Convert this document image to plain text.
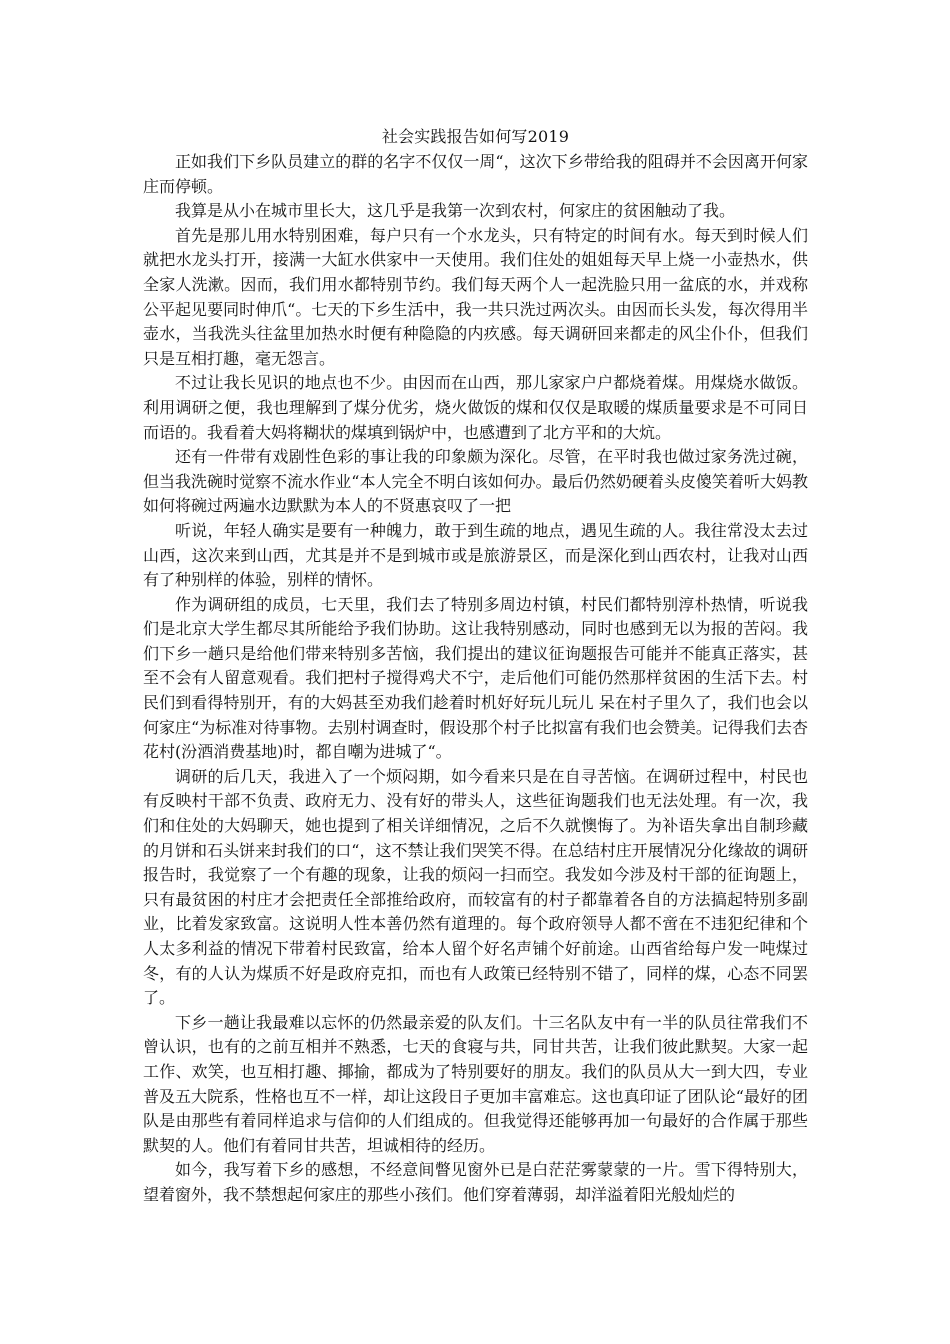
社会实践报告如何写2019

正如我们下乡队员建立的群的名字不仅仅一周“，这次下乡带给我的阻碍并不会因离开何家庄而停顿。

我算是从小在城市里长大，这几乎是我第一次到农村，何家庄的贫困触动了我。

首先是那儿用水特别困难，每户只有一个水龙头，只有特定的时间有水。每天到时候人们就把水龙头打开，接满一大缸水供家中一天使用。我们住处的姐姐每天早上烧一小壶热水，供全家人洗漱。因而，我们用水都特别节约。我们每天两个人一起洗脸只用一盆底的水，并戏称公平起见要同时伸爪“。七天的下乡生活中，我一共只洗过两次头。由因而长头发，每次得用半壶水，当我洗头往盆里加热水时便有种隐隐的内疚感。每天调研回来都走的风尘仆仆，但我们只是互相打趣，毫无怨言。

不过让我长见识的地点也不少。由因而在山西，那儿家家户户都烧着煤。用煤烧水做饭。利用调研之便，我也理解到了煤分优劣，烧火做饭的煤和仅仅是取暖的煤质量要求是不可同日而语的。我看着大妈将糊状的煤填到锅炉中，也感遭到了北方平和的大炕。

还有一件带有戏剧性色彩的事让我的印象颇为深化。尽管，在平时我也做过家务洗过碗，但当我洗碗时觉察不流水作业“本人完全不明白该如何办。最后仍然奶硬着头皮傻笑着听大妈教如何将碗过两遍水边默默为本人的不贤惠哀叹了一把

听说，年轻人确实是要有一种魄力，敢于到生疏的地点，遇见生疏的人。我往常没太去过山西，这次来到山西，尤其是并不是到城市或是旅游景区，而是深化到山西农村，让我对山西有了种别样的体验，别样的情怀。

作为调研组的成员，七天里，我们去了特别多周边村镇，村民们都特别淳朴热情，听说我们是北京大学生都尽其所能给予我们协助。这让我特别感动，同时也感到无以为报的苦闷。我们下乡一趟只是给他们带来特别多苦恼，我们提出的建议征询题报告可能并不能真正落实，甚至不会有人留意观看。我们把村子搅得鸡犬不宁，走后他们可能仍然那样贫困的生活下去。村民们到看得特别开，有的大妈甚至劝我们趁着时机好好玩儿玩儿 呆在村子里久了，我们也会以何家庄“为标准对待事物。去别村调查时，假设那个村子比拟富有我们也会赞美。记得我们去杏花村(汾酒消费基地)时，都自嘲为进城了“。

调研的后几天，我进入了一个烦闷期，如今看来只是在自寻苦恼。在调研过程中，村民也有反映村干部不负责、政府无力、没有好的带头人，这些征询题我们也无法处理。有一次，我们和住处的大妈聊天，她也提到了相关详细情况，之后不久就懊悔了。为补语失拿出自制珍藏的月饼和石头饼来封我们的口“，这不禁让我们哭笑不得。在总结村庄开展情况分化缘故的调研报告时，我觉察了一个有趣的现象，让我的烦闷一扫而空。我发如今涉及村干部的征询题上，只有最贫困的村庄才会把责任全部推给政府，而较富有的村子都靠着各自的方法搞起特别多副业，比着发家致富。这说明人性本善仍然有道理的。每个政府领导人都不啻在不违犯纪律和个人太多利益的情况下带着村民致富，给本人留个好名声铺个好前途。山西省给每户发一吨煤过冬，有的人认为煤质不好是政府克扣，而也有人政策已经特别不错了，同样的煤，心态不同罢了。

下乡一趟让我最难以忘怀的仍然最亲爱的队友们。十三名队友中有一半的队员往常我们不曾认识，也有的之前互相并不熟悉，七天的食寝与共，同甘共苦，让我们彼此默契。大家一起工作、欢笑，也互相打趣、揶揄，都成为了特别要好的朋友。我们的队员从大一到大四，专业普及五大院系，性格也互不一样，却让这段日子更加丰富难忘。这也真印证了团队论“最好的团队是由那些有着同样追求与信仰的人们组成的。但我觉得还能够再加一句最好的合作属于那些默契的人。他们有着同甘共苦，坦诚相待的经历。

如今，我写着下乡的感想，不经意间瞥见窗外已是白茫茫雾蒙蒙的一片。雪下得特别大，望着窗外，我不禁想起何家庄的那些小孩们。他们穿着薄弱，却洋溢着阳光般灿烂的
